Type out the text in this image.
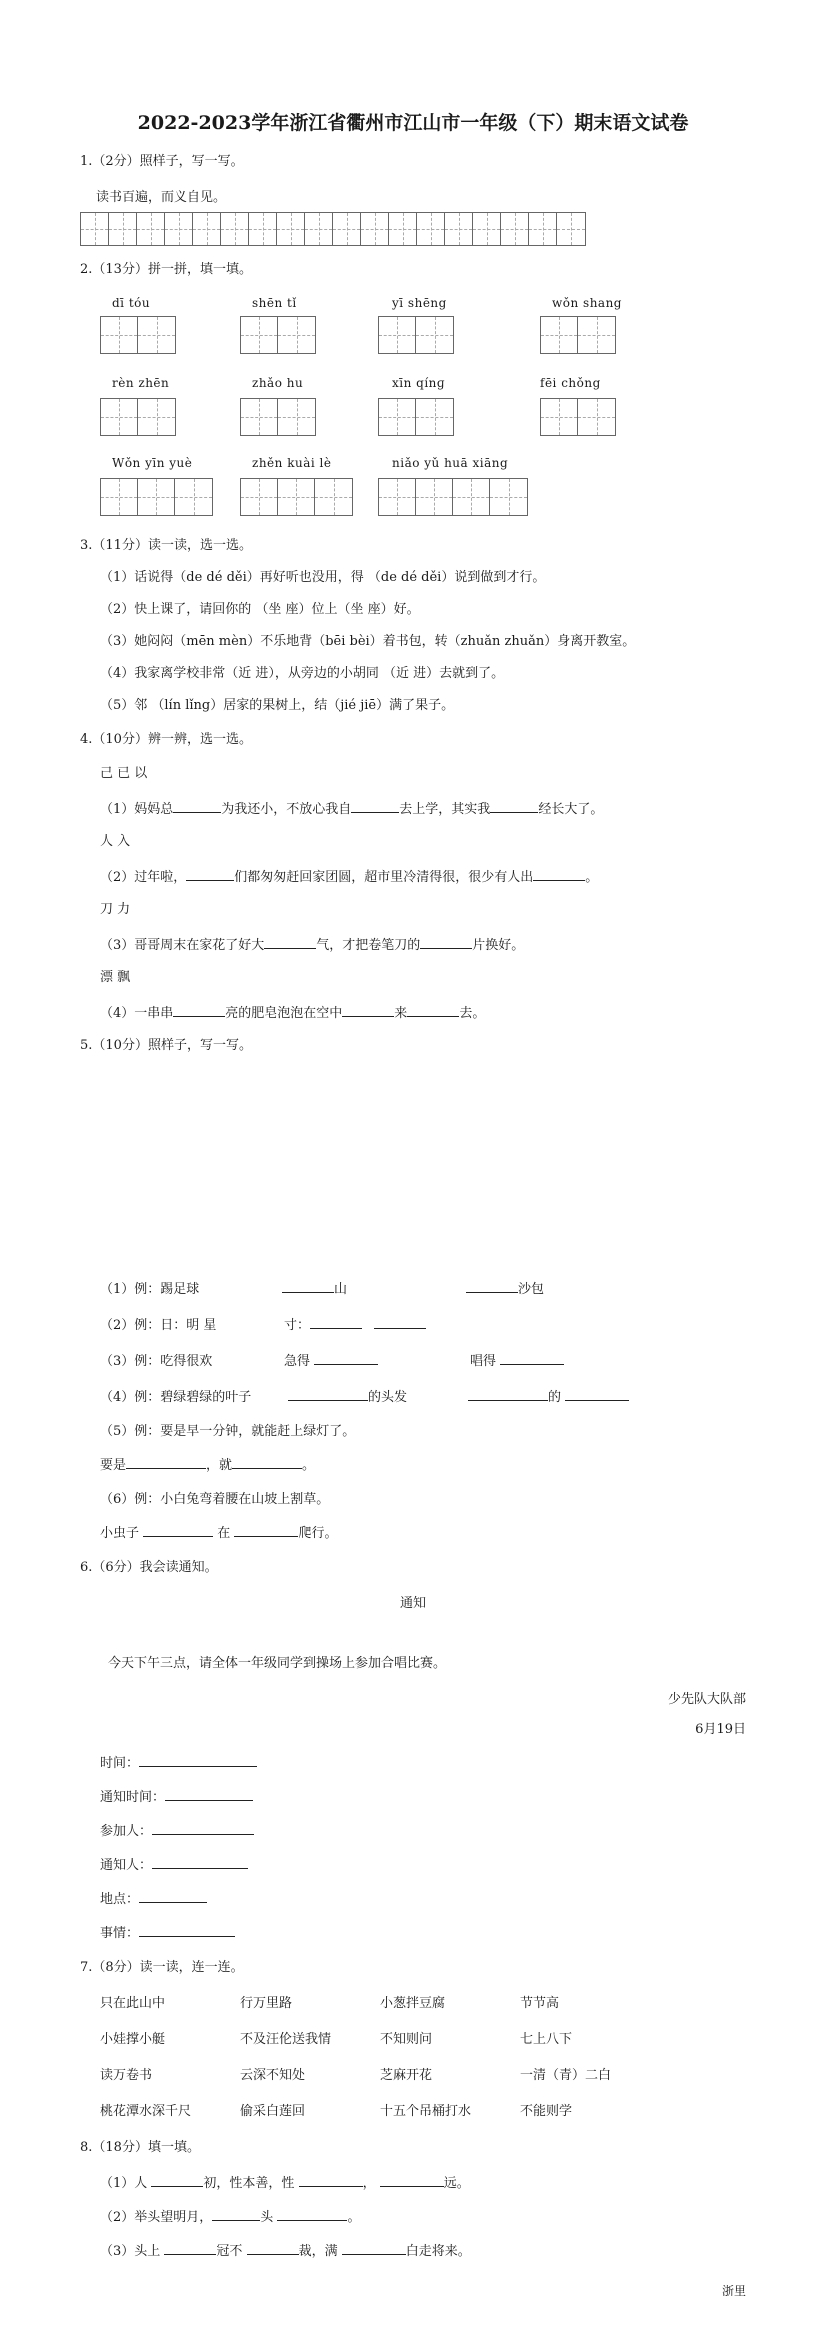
2022-2023学年浙江省衢州市江山市一年级（下）期末语文试卷
1.（2分）照样子，写一写。
读书百遍，而义自见。
2.（13分）拼一拼，填一填。
dī tóu	shēn tǐ	yī shēng	wǒn shang
rèn zhēn	zhǎo hu	xīn qínɡ	fēi chǒng
Wǒn yīn yuè	zhěn kuài lè	niǎo yǔ huā xiāng
3.（11分）读一读，选一选。
（1）话说得（de dé děi）再好听也没用，得 （de dé děi）说到做到才行。
（2）快上课了，请回你的 （坐 座）位上（坐 座）好。
（3）她闷闷（mēn mèn）不乐地背（bēi bèi）着书包，转（zhuǎn zhuǎn）身离开教室。
（4）我家离学校非常（近 进），从旁边的小胡同 （近 进）去就到了。
（5）邻 （lín lǐng）居家的果树上，结（jié jiē）满了果子。
4.（10分）辨一辨，选一选。
己 已 以
（1）妈妈总	为我还小，不放心我自	去上学，其实我	经长大了。
人 入
（2）过年啦，	们都匆匆赶回家团圆，超市里冷清得很，很少有人出	。
刀 力
（3）哥哥周末在家花了好大	气，才把卷笔刀的	片换好。
漂 飘
（4）一串串	亮的肥皂泡泡在空中	来	去。
5.（10分）照样子，写一写。
（1）例：踢足球	山	沙包
（2）例：日：明 星	寸：
（3）例：吃得很欢	急得	唱得
（4）例：碧绿碧绿的叶子	的头发	的
（5）例：要是早一分钟，就能赶上绿灯了。
要是	，就	。
（6）例：小白兔弯着腰在山坡上割草。
小虫子	在	爬行。
6.（6分）我会读通知。
通知
今天下午三点，请全体一年级同学到操场上参加合唱比赛。
少先队大队部
6月19日
时间：
通知时间：
参加人：
通知人：
地点：
事情：
7.（8分）读一读，连一连。
只在此山中	行万里路	小葱拌豆腐	节节高
小娃撑小艇	不及汪伦送我情	不知则问	七上八下
读万卷书	云深不知处	芝麻开花	一清（青）二白
桃花潭水深千尺	偷采白莲回	十五个吊桶打水	不能则学
8.（18分）填一填。
（1）人	初，性本善，性	，	远。
（2）举头望明月，	头	。
（3）头上	冠不	裁，满	白走将来。
浙里
